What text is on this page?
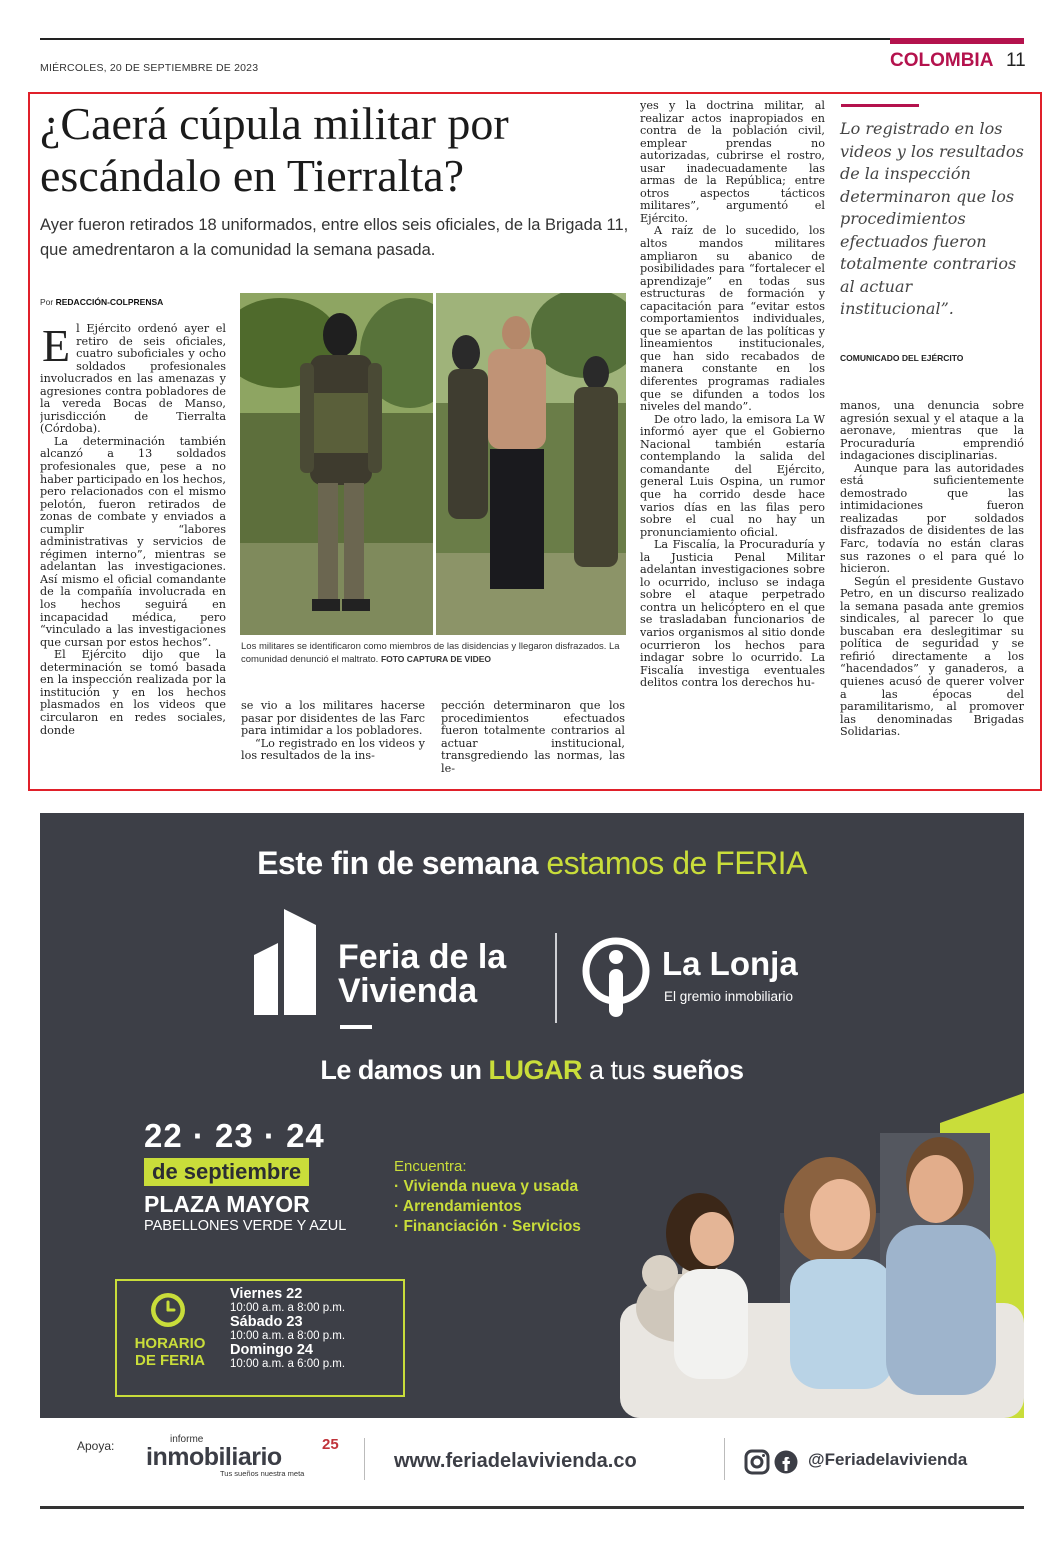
MIÉRCOLES, 20 DE SEPTIEMBRE DE 2023	COLOMBIA 11
¿Caerá cúpula militar por escándalo en Tierralta?
Ayer fueron retirados 18 uniformados, entre ellos seis oficiales, de la Brigada 11, que amedrentaron a la comunidad la semana pasada.
Por REDACCIÓN-COLPRENSA

El Ejército ordenó ayer el retiro de seis oficiales, cuatro suboficiales y ocho soldados profesionales involucrados en las amenazas y agresiones contra pobladores de la vereda Bocas de Manso, jurisdicción de Tierralta (Córdoba).

La determinación también alcanzó a 13 soldados profesionales que, pese a no haber participado en los hechos, pero relacionados con el mismo pelotón, fueron retirados de zonas de combate y enviados a cumplir “labores administrativas y servicios de régimen interno”, mientras se adelantan las investigaciones. Así mismo el oficial comandante de la compañía involucrada en los hechos seguirá en incapacidad médica, pero “vinculado a las investigaciones que cursan por estos hechos”.

El Ejército dijo que la determinación se tomó basada en la inspección realizada por la institución y en los hechos plasmados en los videos que circularon en redes sociales, donde

Los militares se identificaron como miembros de las disidencias y llegaron disfrazados. La comunidad denunció el maltrato. FOTO CAPTURA DE VIDEO

se vio a los militares hacerse pasar por disidentes de las Farc para intimidar a los pobladores.

“Lo registrado en los videos y los resultados de la ins-

pección determinaron que los procedimientos efectuados fueron totalmente contrarios al actuar institucional, transgrediendo las normas, las le-

yes y la doctrina militar, al realizar actos inapropiados en contra de la población civil, emplear prendas no autorizadas, cubrirse el rostro, usar inadecuadamente las armas de la República; entre otros aspectos tácticos militares”, argumentó el Ejército.

A raíz de lo sucedido, los altos mandos militares ampliaron su abanico de posibilidades para “fortalecer el aprendizaje” en todas sus estructuras de formación y capacitación para “evitar estos comportamientos individuales, que se apartan de las políticas y lineamientos institucionales, que han sido recabados de manera constante en los diferentes programas radiales que se difunden a todos los niveles del mando”.

De otro lado, la emisora La W informó ayer que el Gobierno Nacional también estaría contemplando la salida del comandante del Ejército, general Luis Ospina, un rumor que ha corrido desde hace varios días en las filas pero sobre el cual no hay un pronunciamiento oficial.

La Fiscalía, la Procuraduría y la Justicia Penal Militar adelantan investigaciones sobre lo ocurrido, incluso se indaga sobre el ataque perpetrado contra un helicóptero en el que se trasladaban funcionarios de varios organismos al sitio donde ocurrieron los hechos para indagar sobre lo ocurrido. La Fiscalía investiga eventuales delitos contra los derechos hu-

Lo registrado en los videos y los resultados de la inspección determinaron que los procedimientos efectuados fueron totalmente contrarios al actuar institucional”.
COMUNICADO DEL EJÉRCITO

manos, una denuncia sobre agresión sexual y el ataque a la aeronave, mientras que la Procuraduría emprendió indagaciones disciplinarias.

Aunque para las autoridades está suficientemente demostrado que las intimidaciones fueron realizadas por soldados disfrazados de disidentes de las Farc, todavía no están claras sus razones o el para qué lo hicieron.

Según el presidente Gustavo Petro, en un discurso realizado la semana pasada ante gremios sindicales, al parecer lo que buscaban era deslegitimar su política de seguridad y se refirió directamente a los “hacendados” y ganaderos, a quienes acusó de querer volver a las épocas del paramilitarismo, al promover las denominadas Brigadas Solidarias.

Este fin de semana estamos de FERIA
Feria de la
Vivienda
La Lonja
El gremio inmobiliario
Le damos un LUGAR a tus sueños
22 · 23 · 24
de septiembre
PLAZA MAYOR
PABELLONES VERDE Y AZUL
Encuentra:
· Vivienda nueva y usada
· Arrendamientos
· Financiación · Servicios
HORARIO
DE FERIA
Viernes 22
10:00 a.m. a 8:00 p.m.
Sábado 23
10:00 a.m. a 8:00 p.m.
Domingo 24
10:00 a.m. a 6:00 p.m.
Apoya:	informe
inmobiliario	25
Tus sueños nuestra meta
www.feriadelavivienda.co	@Feriadelavivienda
